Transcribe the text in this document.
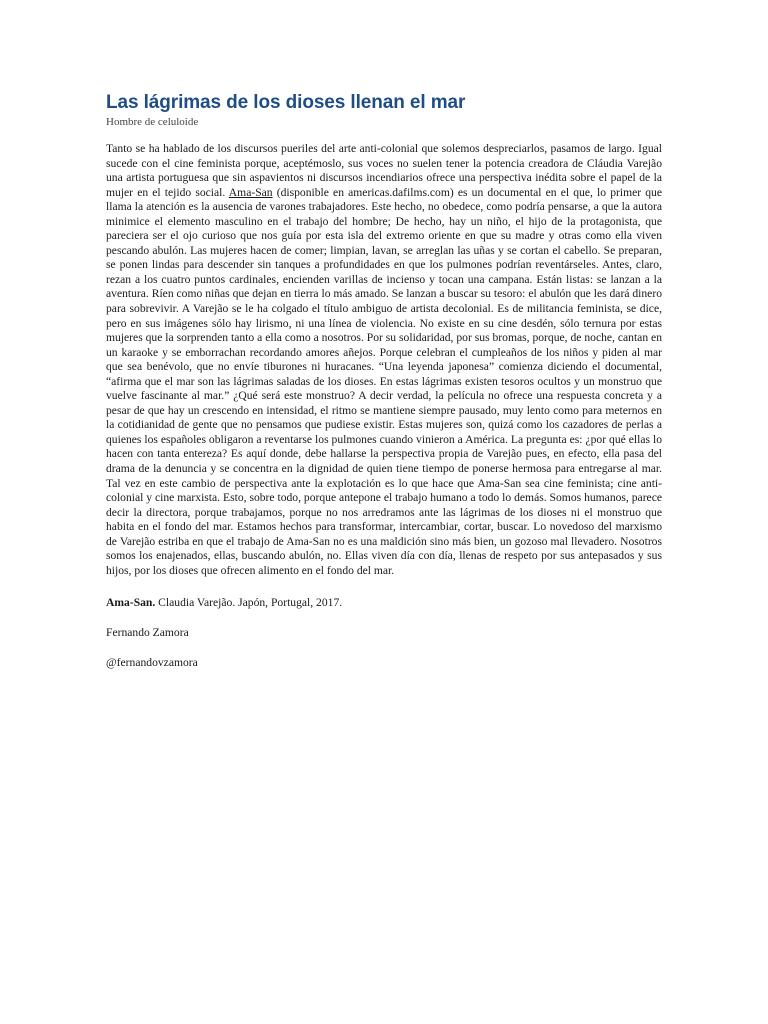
Las lágrimas de los dioses llenan el mar
Hombre de celuloide

Tanto se ha hablado de los discursos pueriles del arte anti-colonial que solemos despreciarlos, pasamos de largo. Igual sucede con el cine feminista porque, aceptémoslo, sus voces no suelen tener la potencia creadora de Cláudia Varejão una artista portuguesa que sin aspavientos ni discursos incendiarios ofrece una perspectiva inédita sobre el papel de la mujer en el tejido social. Ama-San (disponible en americas.dafilms.com) es un documental en el que, lo primer que llama la atención es la ausencia de varones trabajadores. Este hecho, no obedece, como podría pensarse, a que la autora minimice el elemento masculino en el trabajo del hombre; De hecho, hay un niño, el hijo de la protagonista, que pareciera ser el ojo curioso que nos guía por esta isla del extremo oriente en que su madre y otras como ella viven pescando abulón. Las mujeres hacen de comer; limpian, lavan, se arreglan las uñas y se cortan el cabello. Se preparan, se ponen lindas para descender sin tanques a profundidades en que los pulmones podrían reventárseles. Antes, claro, rezan a los cuatro puntos cardinales, encienden varillas de incienso y tocan una campana. Están listas: se lanzan a la aventura. Ríen como niñas que dejan en tierra lo más amado. Se lanzan a buscar su tesoro: el abulón que les dará dinero para sobrevivir. A Varejão se le ha colgado el título ambiguo de artista decolonial. Es de militancia feminista, se dice, pero en sus imágenes sólo hay lirismo, ni una línea de violencia. No existe en su cine desdén, sólo ternura por estas mujeres que la sorprenden tanto a ella como a nosotros. Por su solidaridad, por sus bromas, porque, de noche, cantan en un karaoke y se emborrachan recordando amores añejos. Porque celebran el cumpleaños de los niños y piden al mar que sea benévolo, que no envíe tiburones ni huracanes. “Una leyenda japonesa” comienza diciendo el documental, “afirma que el mar son las lágrimas saladas de los dioses. En estas lágrimas existen tesoros ocultos y un monstruo que vuelve fascinante al mar.” ¿Qué será este monstruo? A decir verdad, la película no ofrece una respuesta concreta y a pesar de que hay un crescendo en intensidad, el ritmo se mantiene siempre pausado, muy lento como para meternos en la cotidianidad de gente que no pensamos que pudiese existir. Estas mujeres son, quizá como los cazadores de perlas a quienes los españoles obligaron a reventarse los pulmones cuando vinieron a América. La pregunta es: ¿por qué ellas lo hacen con tanta entereza? Es aquí donde, debe hallarse la perspectiva propia de Varejão pues, en efecto, ella pasa del drama de la denuncia y se concentra en la dignidad de quien tiene tiempo de ponerse hermosa para entregarse al mar. Tal vez en este cambio de perspectiva ante la explotación es lo que hace que Ama-San sea cine feminista; cine anti-colonial y cine marxista. Esto, sobre todo, porque antepone el trabajo humano a todo lo demás. Somos humanos, parece decir la directora, porque trabajamos, porque no nos arredramos ante las lágrimas de los dioses ni el monstruo que habita en el fondo del mar. Estamos hechos para transformar, intercambiar, cortar, buscar. Lo novedoso del marxismo de Varejão estriba en que el trabajo de Ama-San no es una maldición sino más bien, un gozoso mal llevadero. Nosotros somos los enajenados, ellas, buscando abulón, no. Ellas viven día con día, llenas de respeto por sus antepasados y sus hijos, por los dioses que ofrecen alimento en el fondo del mar.

Ama-San. Claudia Varejão. Japón, Portugal, 2017.

Fernando Zamora

@fernandovzamora
